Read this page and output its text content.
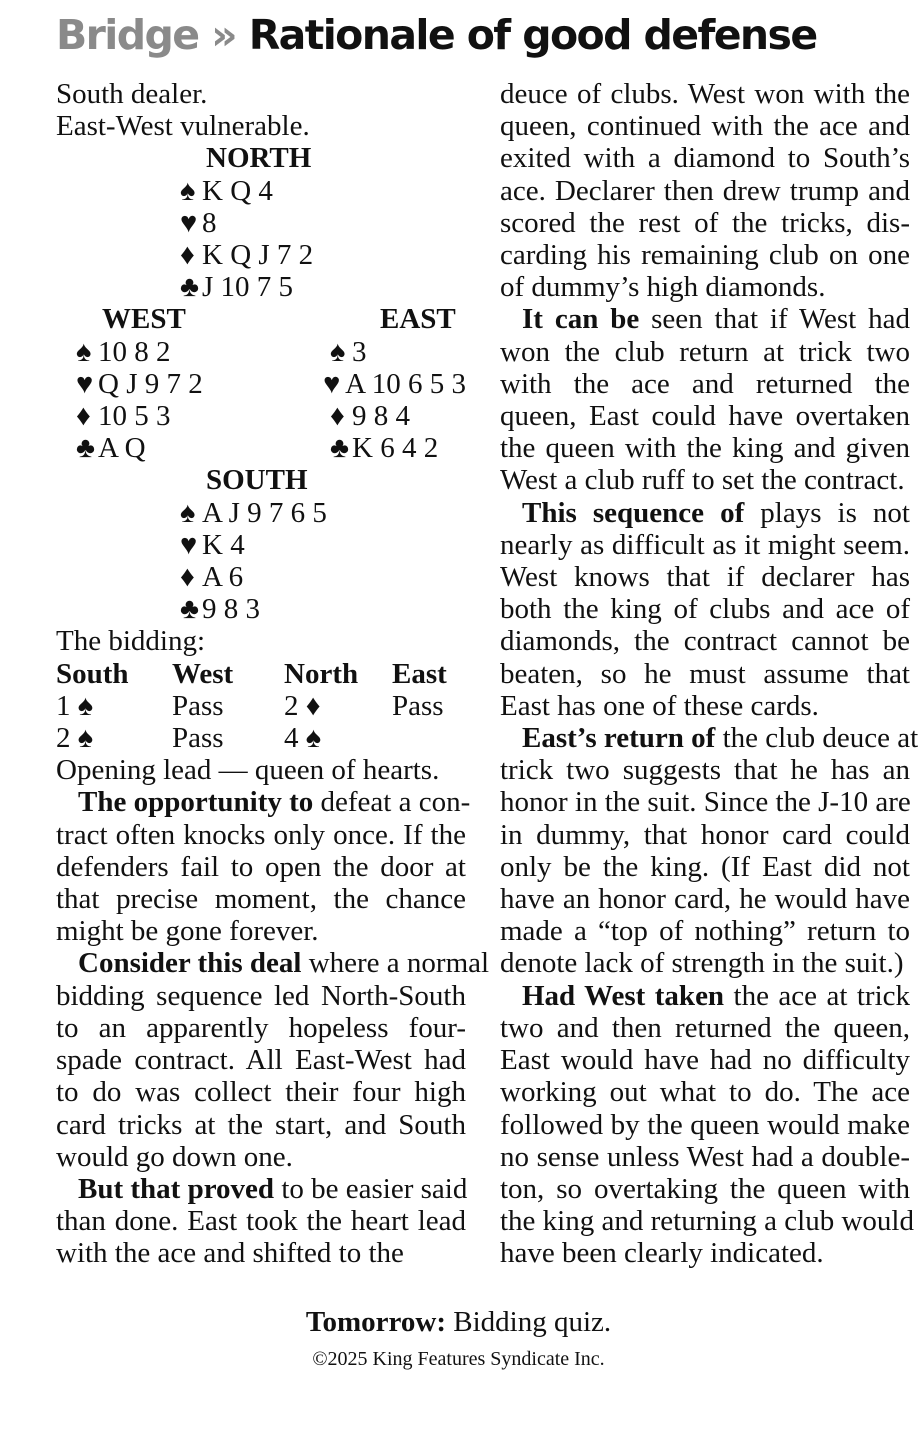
Bridge » Rationale of good defense
South dealer.
East-West vulnerable.
NORTH
♠ K Q 4
♥ 8
♦ K Q J 7 2
♣ J 10 7 5
WEST	EAST
♠ 10 8 2	♠ 3
♥ Q J 9 7 2	♥ A 10 6 5 3
♦ 10 5 3	♦ 9 8 4
♣ A Q	♣ K 6 4 2
SOUTH
♠ A J 9 7 6 5
♥ K 4
♦ A 6
♣ 9 8 3
The bidding:
South	West	North	East
1 ♠	Pass	2 ♦	Pass
2 ♠	Pass	4 ♠
Opening lead — queen of hearts.
The opportunity to defeat a con-
tract often knocks only once. If the
defenders fail to open the door at
that precise moment, the chance
might be gone forever.
Consider this deal where a normal
bidding sequence led North-South
to an apparently hopeless four-
spade contract. All East-West had
to do was collect their four high
card tricks at the start, and South
would go down one.
But that proved to be easier said
than done. East took the heart lead
with the ace and shifted to the
deuce of clubs. West won with the
queen, continued with the ace and
exited with a diamond to South’s
ace. Declarer then drew trump and
scored the rest of the tricks, dis-
carding his remaining club on one
of dummy’s high diamonds.
It can be seen that if West had
won the club return at trick two
with the ace and returned the
queen, East could have overtaken
the queen with the king and given
West a club ruff to set the contract.
This sequence of plays is not
nearly as difficult as it might seem.
West knows that if declarer has
both the king of clubs and ace of
diamonds, the contract cannot be
beaten, so he must assume that
East has one of these cards.
East’s return of the club deuce at
trick two suggests that he has an
honor in the suit. Since the J-10 are
in dummy, that honor card could
only be the king. (If East did not
have an honor card, he would have
made a “top of nothing” return to
denote lack of strength in the suit.)
Had West taken the ace at trick
two and then returned the queen,
East would have had no difficulty
working out what to do. The ace
followed by the queen would make
no sense unless West had a double-
ton, so overtaking the queen with
the king and returning a club would
have been clearly indicated.
Tomorrow: Bidding quiz.
©2025 King Features Syndicate Inc.
